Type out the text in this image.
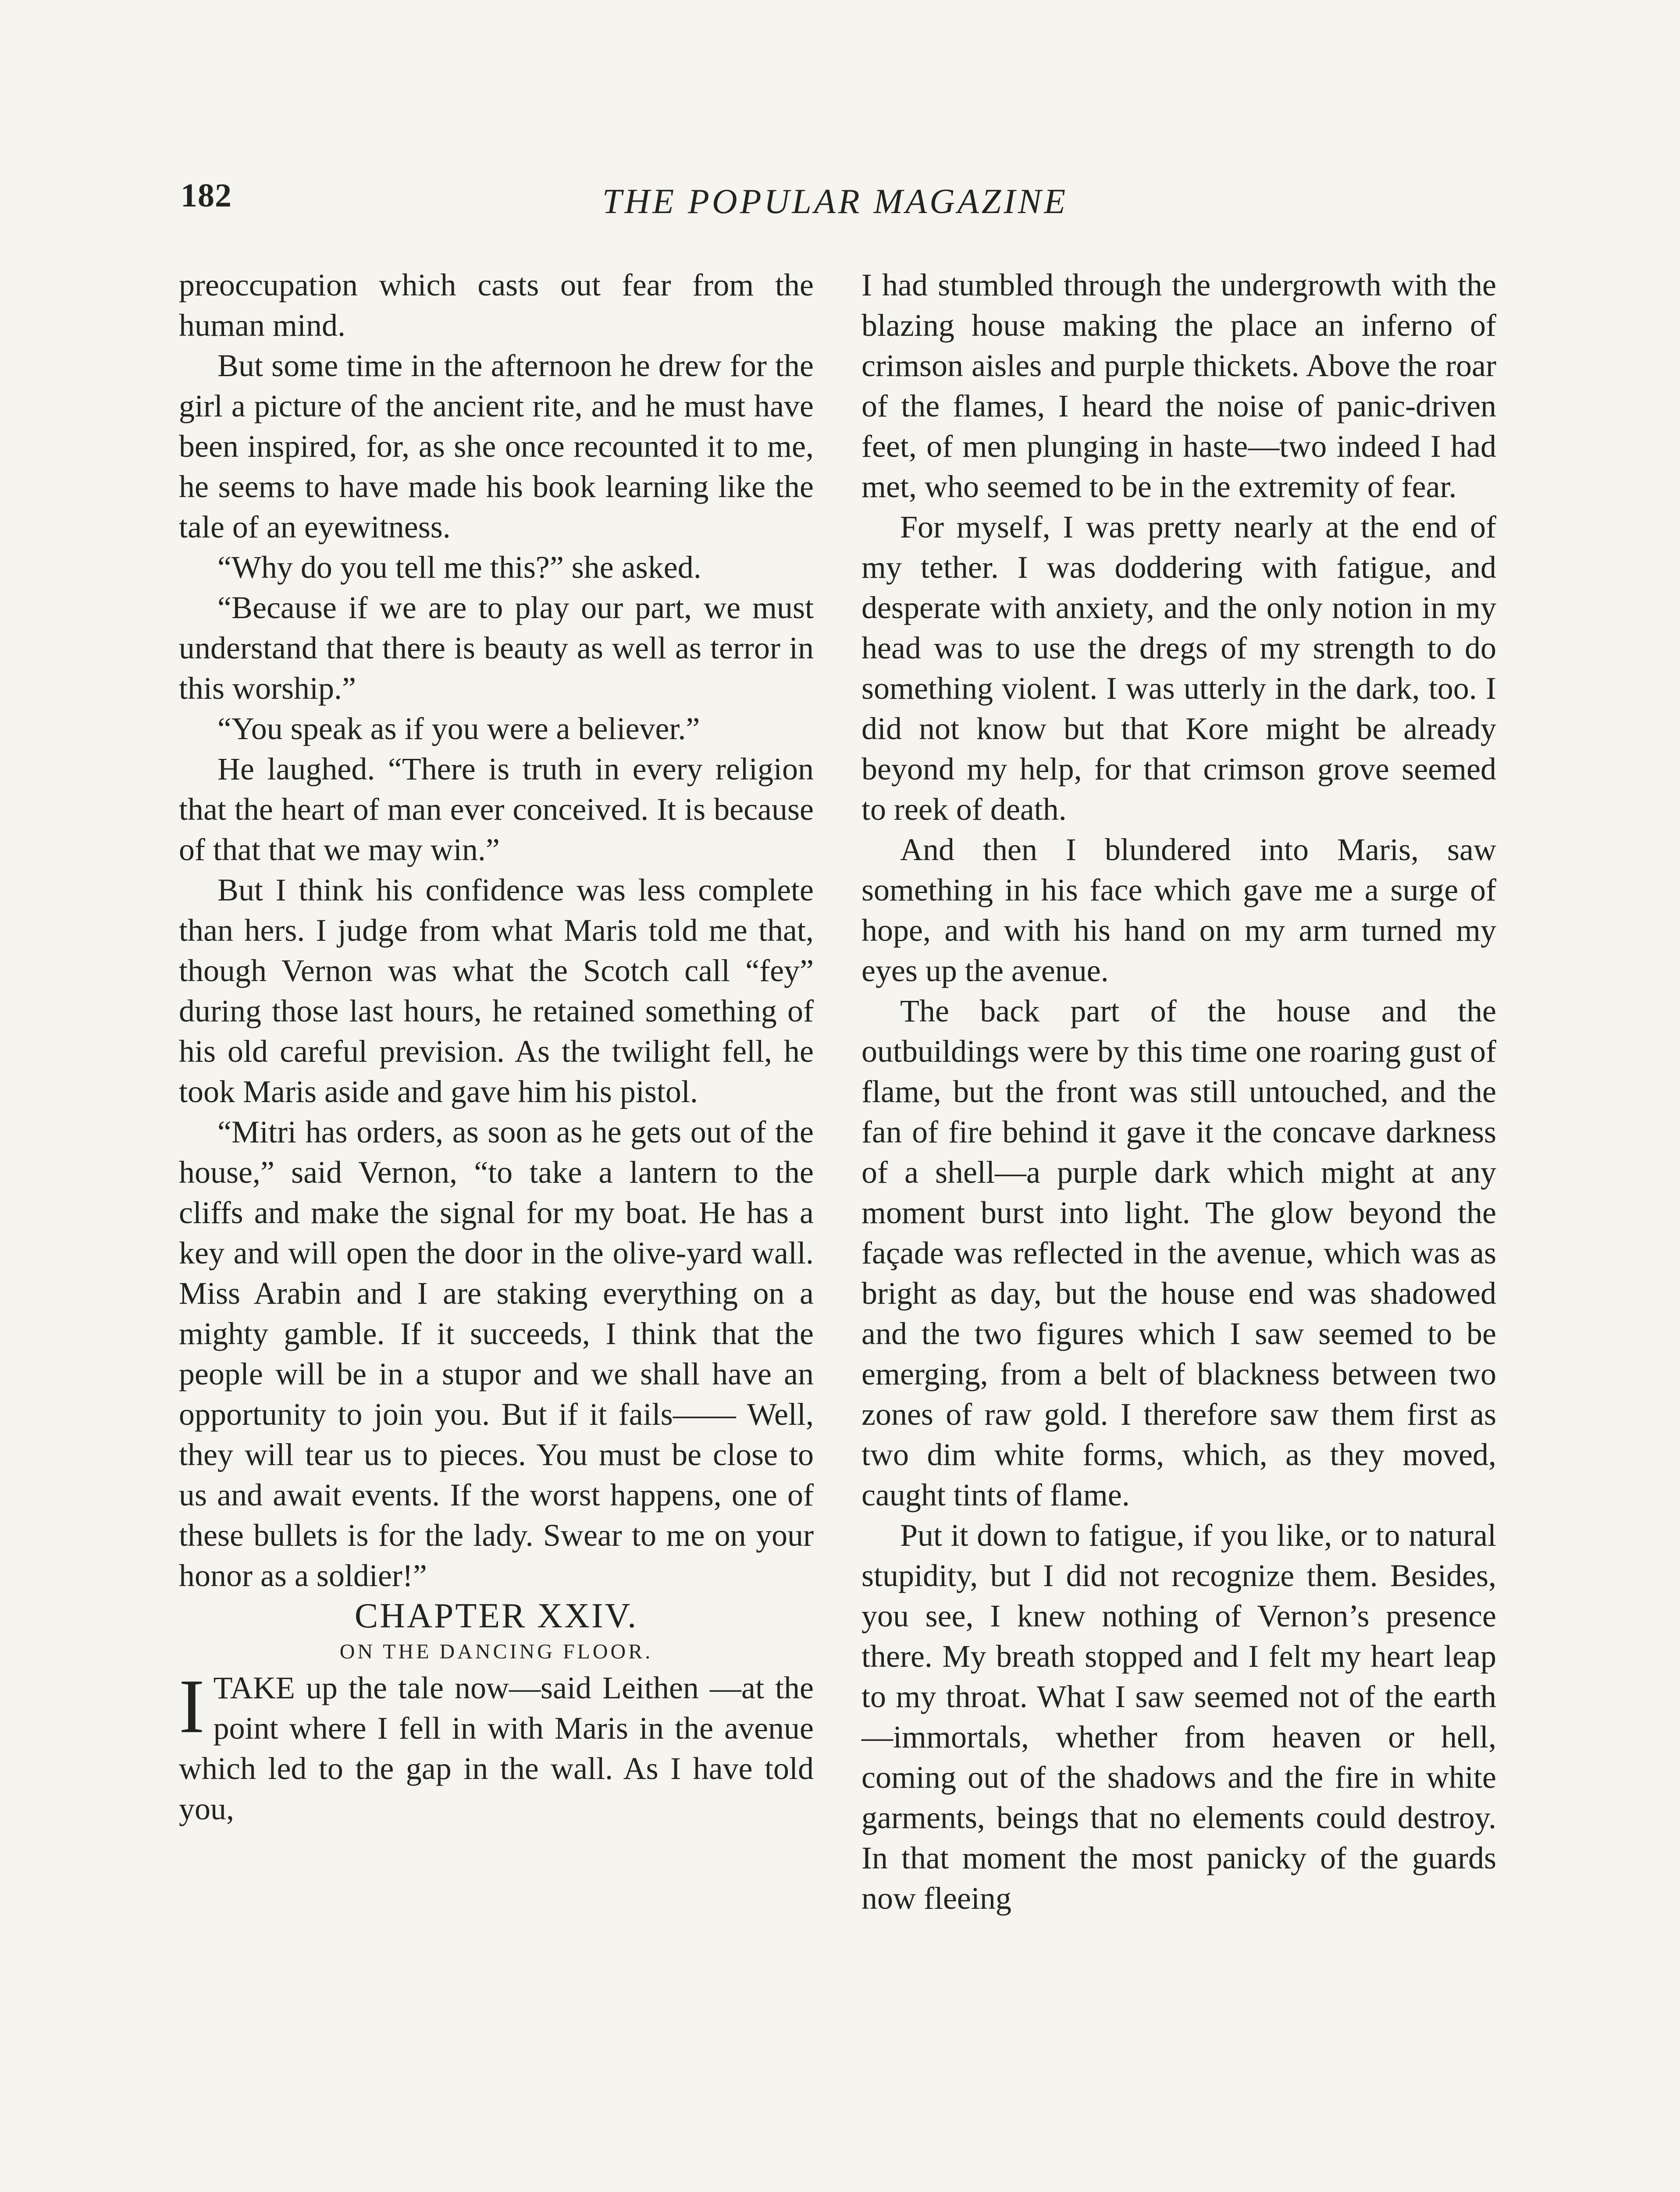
182	THE POPULAR MAGAZINE

preoccupation which casts out fear from the human mind.

But some time in the afternoon he drew for the girl a picture of the ancient rite, and he must have been inspired, for, as she once recounted it to me, he seems to have made his book learning like the tale of an eyewitness.

“Why do you tell me this?” she asked.

“Because if we are to play our part, we must understand that there is beauty as well as terror in this worship.”

“You speak as if you were a believer.”

He laughed. “There is truth in every religion that the heart of man ever conceived. It is because of that that we may win.”

But I think his confidence was less complete than hers. I judge from what Maris told me that, though Vernon was what the Scotch call “fey” during those last hours, he retained something of his old careful prevision. As the twilight fell, he took Maris aside and gave him his pistol.

“Mitri has orders, as soon as he gets out of the house,” said Vernon, “to take a lantern to the cliffs and make the signal for my boat. He has a key and will open the door in the olive-yard wall. Miss Arabin and I are staking everything on a mighty gamble. If it succeeds, I think that the people will be in a stupor and we shall have an opportunity to join you. But if it fails—— Well, they will tear us to pieces. You must be close to us and await events. If the worst happens, one of these bullets is for the lady. Swear to me on your honor as a soldier!”

CHAPTER XXIV.

ON THE DANCING FLOOR.

ITAKE up the tale now—said Leithen —at the point where I fell in with Maris in the avenue which led to the gap in the wall. As I have told you,

I had stumbled through the undergrowth with the blazing house making the place an inferno of crimson aisles and purple thickets. Above the roar of the flames, I heard the noise of panic-driven feet, of men plunging in haste—two indeed I had met, who seemed to be in the extremity of fear.

For myself, I was pretty nearly at the end of my tether. I was doddering with fatigue, and desperate with anxiety, and the only notion in my head was to use the dregs of my strength to do something violent. I was utterly in the dark, too. I did not know but that Kore might be already beyond my help, for that crimson grove seemed to reek of death.

And then I blundered into Maris, saw something in his face which gave me a surge of hope, and with his hand on my arm turned my eyes up the avenue.

The back part of the house and the outbuildings were by this time one roaring gust of flame, but the front was still untouched, and the fan of fire behind it gave it the concave darkness of a shell—a purple dark which might at any moment burst into light. The glow beyond the façade was reflected in the avenue, which was as bright as day, but the house end was shadowed and the two figures which I saw seemed to be emerging, from a belt of blackness between two zones of raw gold. I therefore saw them first as two dim white forms, which, as they moved, caught tints of flame.

Put it down to fatigue, if you like, or to natural stupidity, but I did not recognize them. Besides, you see, I knew nothing of Vernon’s presence there. My breath stopped and I felt my heart leap to my throat. What I saw seemed not of the earth—immortals, whether from heaven or hell, coming out of the shadows and the fire in white garments, beings that no elements could destroy. In that moment the most panicky of the guards now fleeing
